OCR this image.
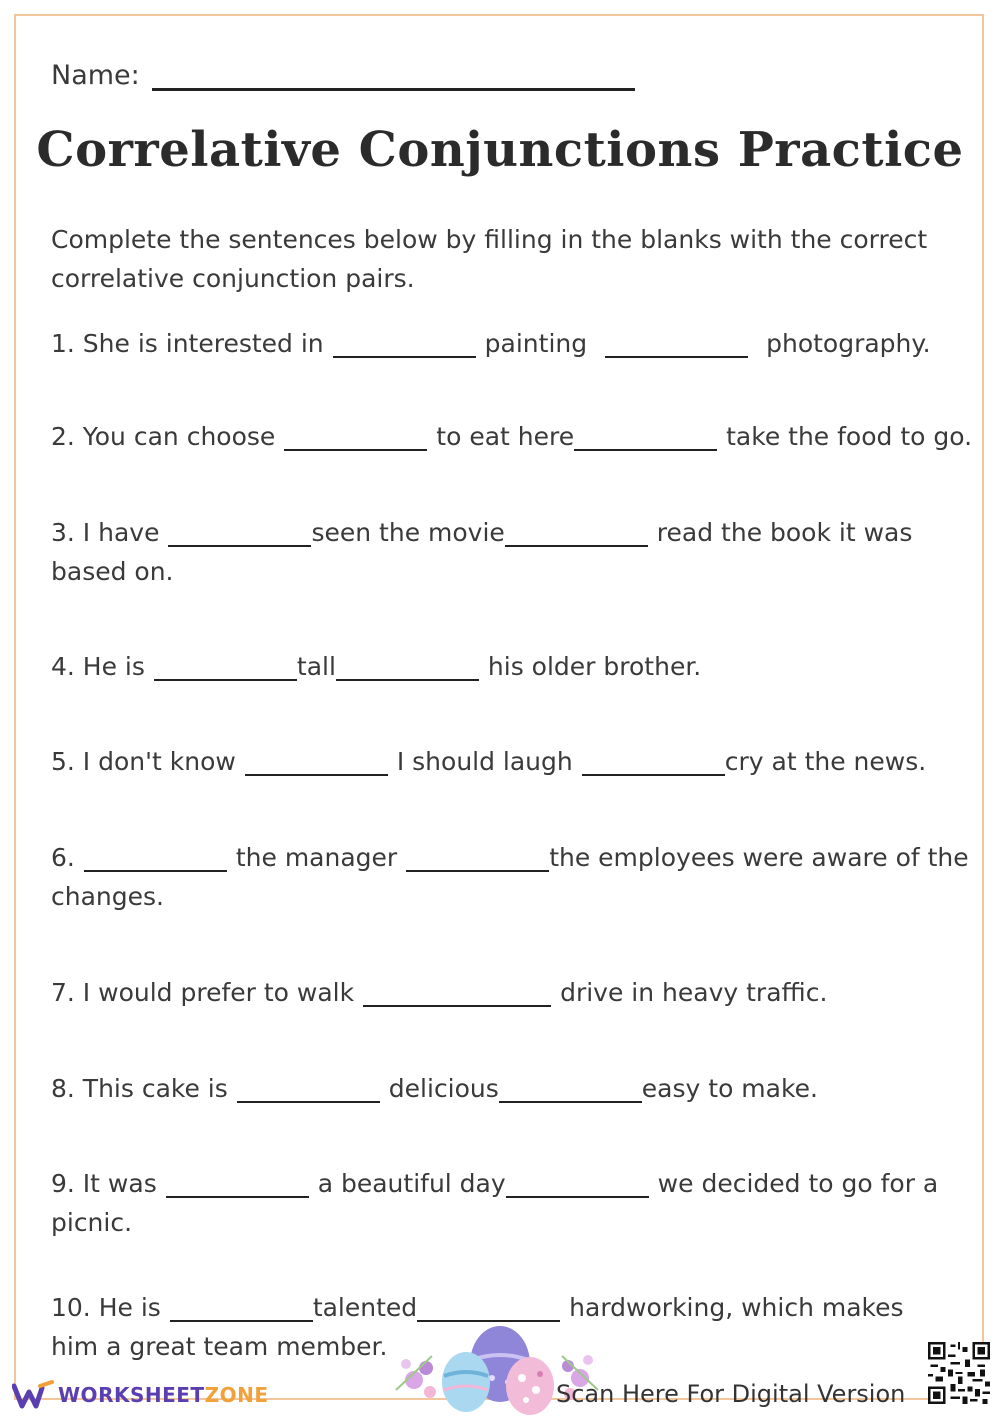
Name:
Correlative Conjunctions Practice
Complete the sentences below by filling in the blanks with the correct correlative conjunction pairs.
1. She is interested in	painting	photography.
2. You can choose	to eat here	take the food to go.
3. I have	seen the movie	read the book it was based on.
4. He is	tall	his older brother.
5. I don't know	I should laugh	cry at the news.
6.	the manager	the employees were aware of the changes.
7. I would prefer to walk	drive in heavy traffic.
8. This cake is	delicious	easy to make.
9. It was	a beautiful day	we decided to go for a picnic.
10. He is	talented	hardworking, which makes him a great team member.
WORKSHEETZONE	Scan Here For Digital Version
